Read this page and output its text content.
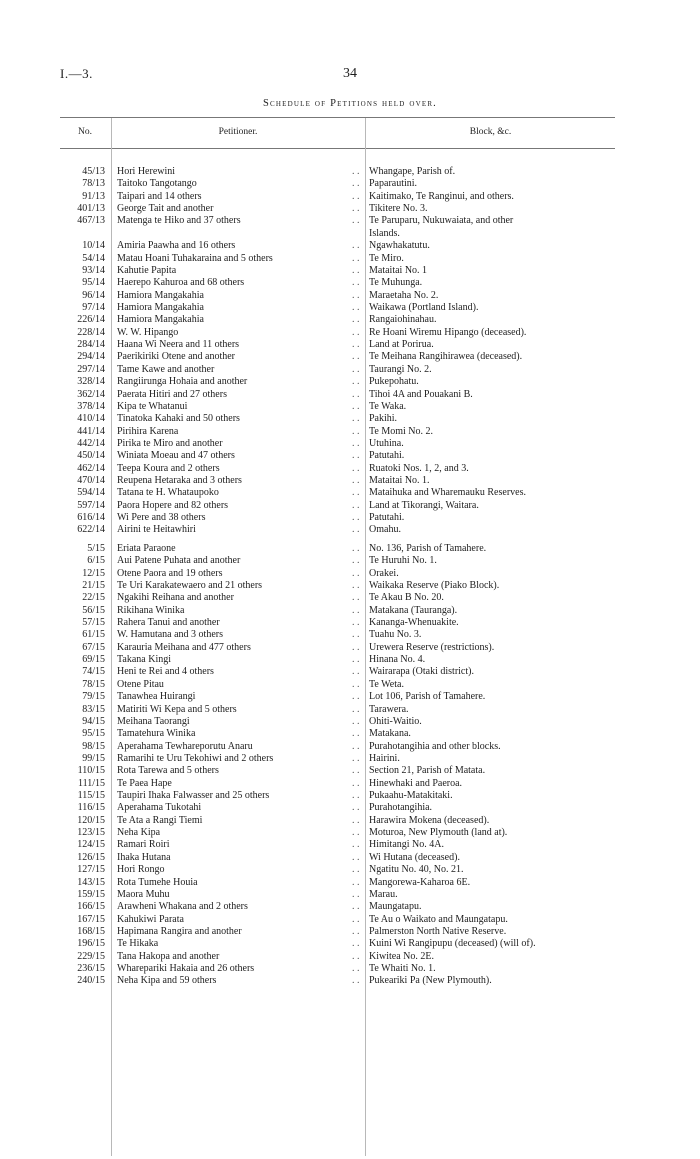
I.—3.	34
Schedule of Petitions held over.
No.	Petitioner.	Block, &c.
45/13 Hori Herewini	. . Whangape, Parish of.
78/13 Taitoko Tangotango	. . Paparautini.
91/13 Taipari and 14 others	. . Kaitimako, Te Ranginui, and others.
401/13 George Tait and another	. . Tikitere No. 3.
467/13 Matenga te Hiko and 37 others	. . Te Paruparu, Nukuwaiata, and other
Islands.
10/14 Amiria Paawha and 16 others	. . Ngawhakatutu.
54/14 Matau Hoani Tuhakaraina and 5 others	. . Te Miro.
93/14 Kahutie Papita	. . Mataitai No. 1
95/14 Haerepo Kahuroa and 68 others	. . Te Muhunga.
96/14 Hamiora Mangakahia	. . Maraetaha No. 2.
97/14 Hamiora Mangakahia	. . Waikawa (Portland Island).
226/14 Hamiora Mangakahia	. . Rangaiohinahau.
228/14 W. W. Hipango	. . Re Hoani Wiremu Hipango (deceased).
284/14 Haana Wi Neera and 11 others	. . Land at Porirua.
294/14 Paerikiriki Otene and another	. . Te Meihana Rangihirawea (deceased).
297/14 Tame Kawe and another	. . Taurangi No. 2.
328/14 Rangiirunga Hohaia and another	. . Pukepohatu.
362/14 Paerata Hitiri and 27 others	. . Tihoi 4A and Pouakani B.
378/14 Kipa te Whatanui	. . Te Waka.
410/14 Tinatoka Kahaki and 50 others	. . Pakihi.
441/14 Pirihira Karena	. . Te Momi No. 2.
442/14 Pirika te Miro and another	. . Utuhina.
450/14 Winiata Moeau and 47 others	. . Patutahi.
462/14 Teepa Koura and 2 others	. . Ruatoki Nos. 1, 2, and 3.
470/14 Reupena Hetaraka and 3 others	. . Mataitai No. 1.
594/14 Tatana te H. Whataupoko	. . Mataihuka and Wharemauku Reserves.
597/14 Paora Hopere and 82 others	. . Land at Tikorangi, Waitara.
616/14 Wi Pere and 38 others	. . Patutahi.
622/14 Airini te Heitawhiri	. . Omahu.
5/15 Eriata Paraone	. . No. 136, Parish of Tamahere.
6/15 Aui Patene Puhata and another	. . Te Huruhi No. 1.
12/15 Otene Paora and 19 others	. . Orakei.
21/15 Te Uri Karakatewaero and 21 others	. . Waikaka Reserve (Piako Block).
22/15 Ngakihi Reihana and another	. . Te Akau B No. 20.
56/15 Rikihana Winika	. . Matakana (Tauranga).
57/15 Rahera Tanui and another	. . Kananga-Whenuakite.
61/15 W. Hamutana and 3 others	. . Tuahu No. 3.
67/15 Karauria Meihana and 477 others	. . Urewera Reserve (restrictions).
69/15 Takana Kingi	. . Hinana No. 4.
74/15 Heni te Rei and 4 others	. . Wairarapa (Otaki district).
78/15 Otene Pitau	. . Te Weta.
79/15 Tanawhea Huirangi	. . Lot 106, Parish of Tamahere.
83/15 Matiriti Wi Kepa and 5 others	. . Tarawera.
94/15 Meihana Taorangi	. . Ohiti-Waitio.
95/15 Tamatehura Winika	. . Matakana.
98/15 Aperahama Tewhareporutu Anaru	. . Purahotangihia and other blocks.
99/15 Ramarihi te Uru Tekohiwi and 2 others	. . Hairini.
110/15 Rota Tarewa and 5 others	. . Section 21, Parish of Matata.
111/15 Te Paea Hape	. . Hinewhaki and Paeroa.
115/15 Taupiri Ihaka Falwasser and 25 others	. . Pukaahu-Matakitaki.
116/15 Aperahama Tukotahi	. . Purahotangihia.
120/15 Te Ata a Rangi Tiemi	. . Harawira Mokena (deceased).
123/15 Neha Kipa	. . Moturoa, New Plymouth (land at).
124/15 Ramari Roiri	. . Himitangi No. 4A.
126/15 Ihaka Hutana	. . Wi Hutana (deceased).
127/15 Hori Rongo	. . Ngatitu No. 40, No. 21.
143/15 Rota Tumehe Houia	. . Mangorewa-Kaharoa 6E.
159/15 Maora Muhu	. . Marau.
166/15 Arawheni Whakana and 2 others	. . Maungatapu.
167/15 Kahukiwi Parata	. . Te Au o Waikato and Maungatapu.
168/15 Hapimana Rangira and another	. . Palmerston North Native Reserve.
196/15 Te Hikaka	. . Kuini Wi Rangipupu (deceased) (will of).
229/15 Tana Hakopa and another	. . Kiwitea No. 2E.
236/15 Wharepariki Hakaia and 26 others	. . Te Whaiti No. 1.
240/15 Neha Kipa and 59 others	. . Pukeariki Pa (New Plymouth).
